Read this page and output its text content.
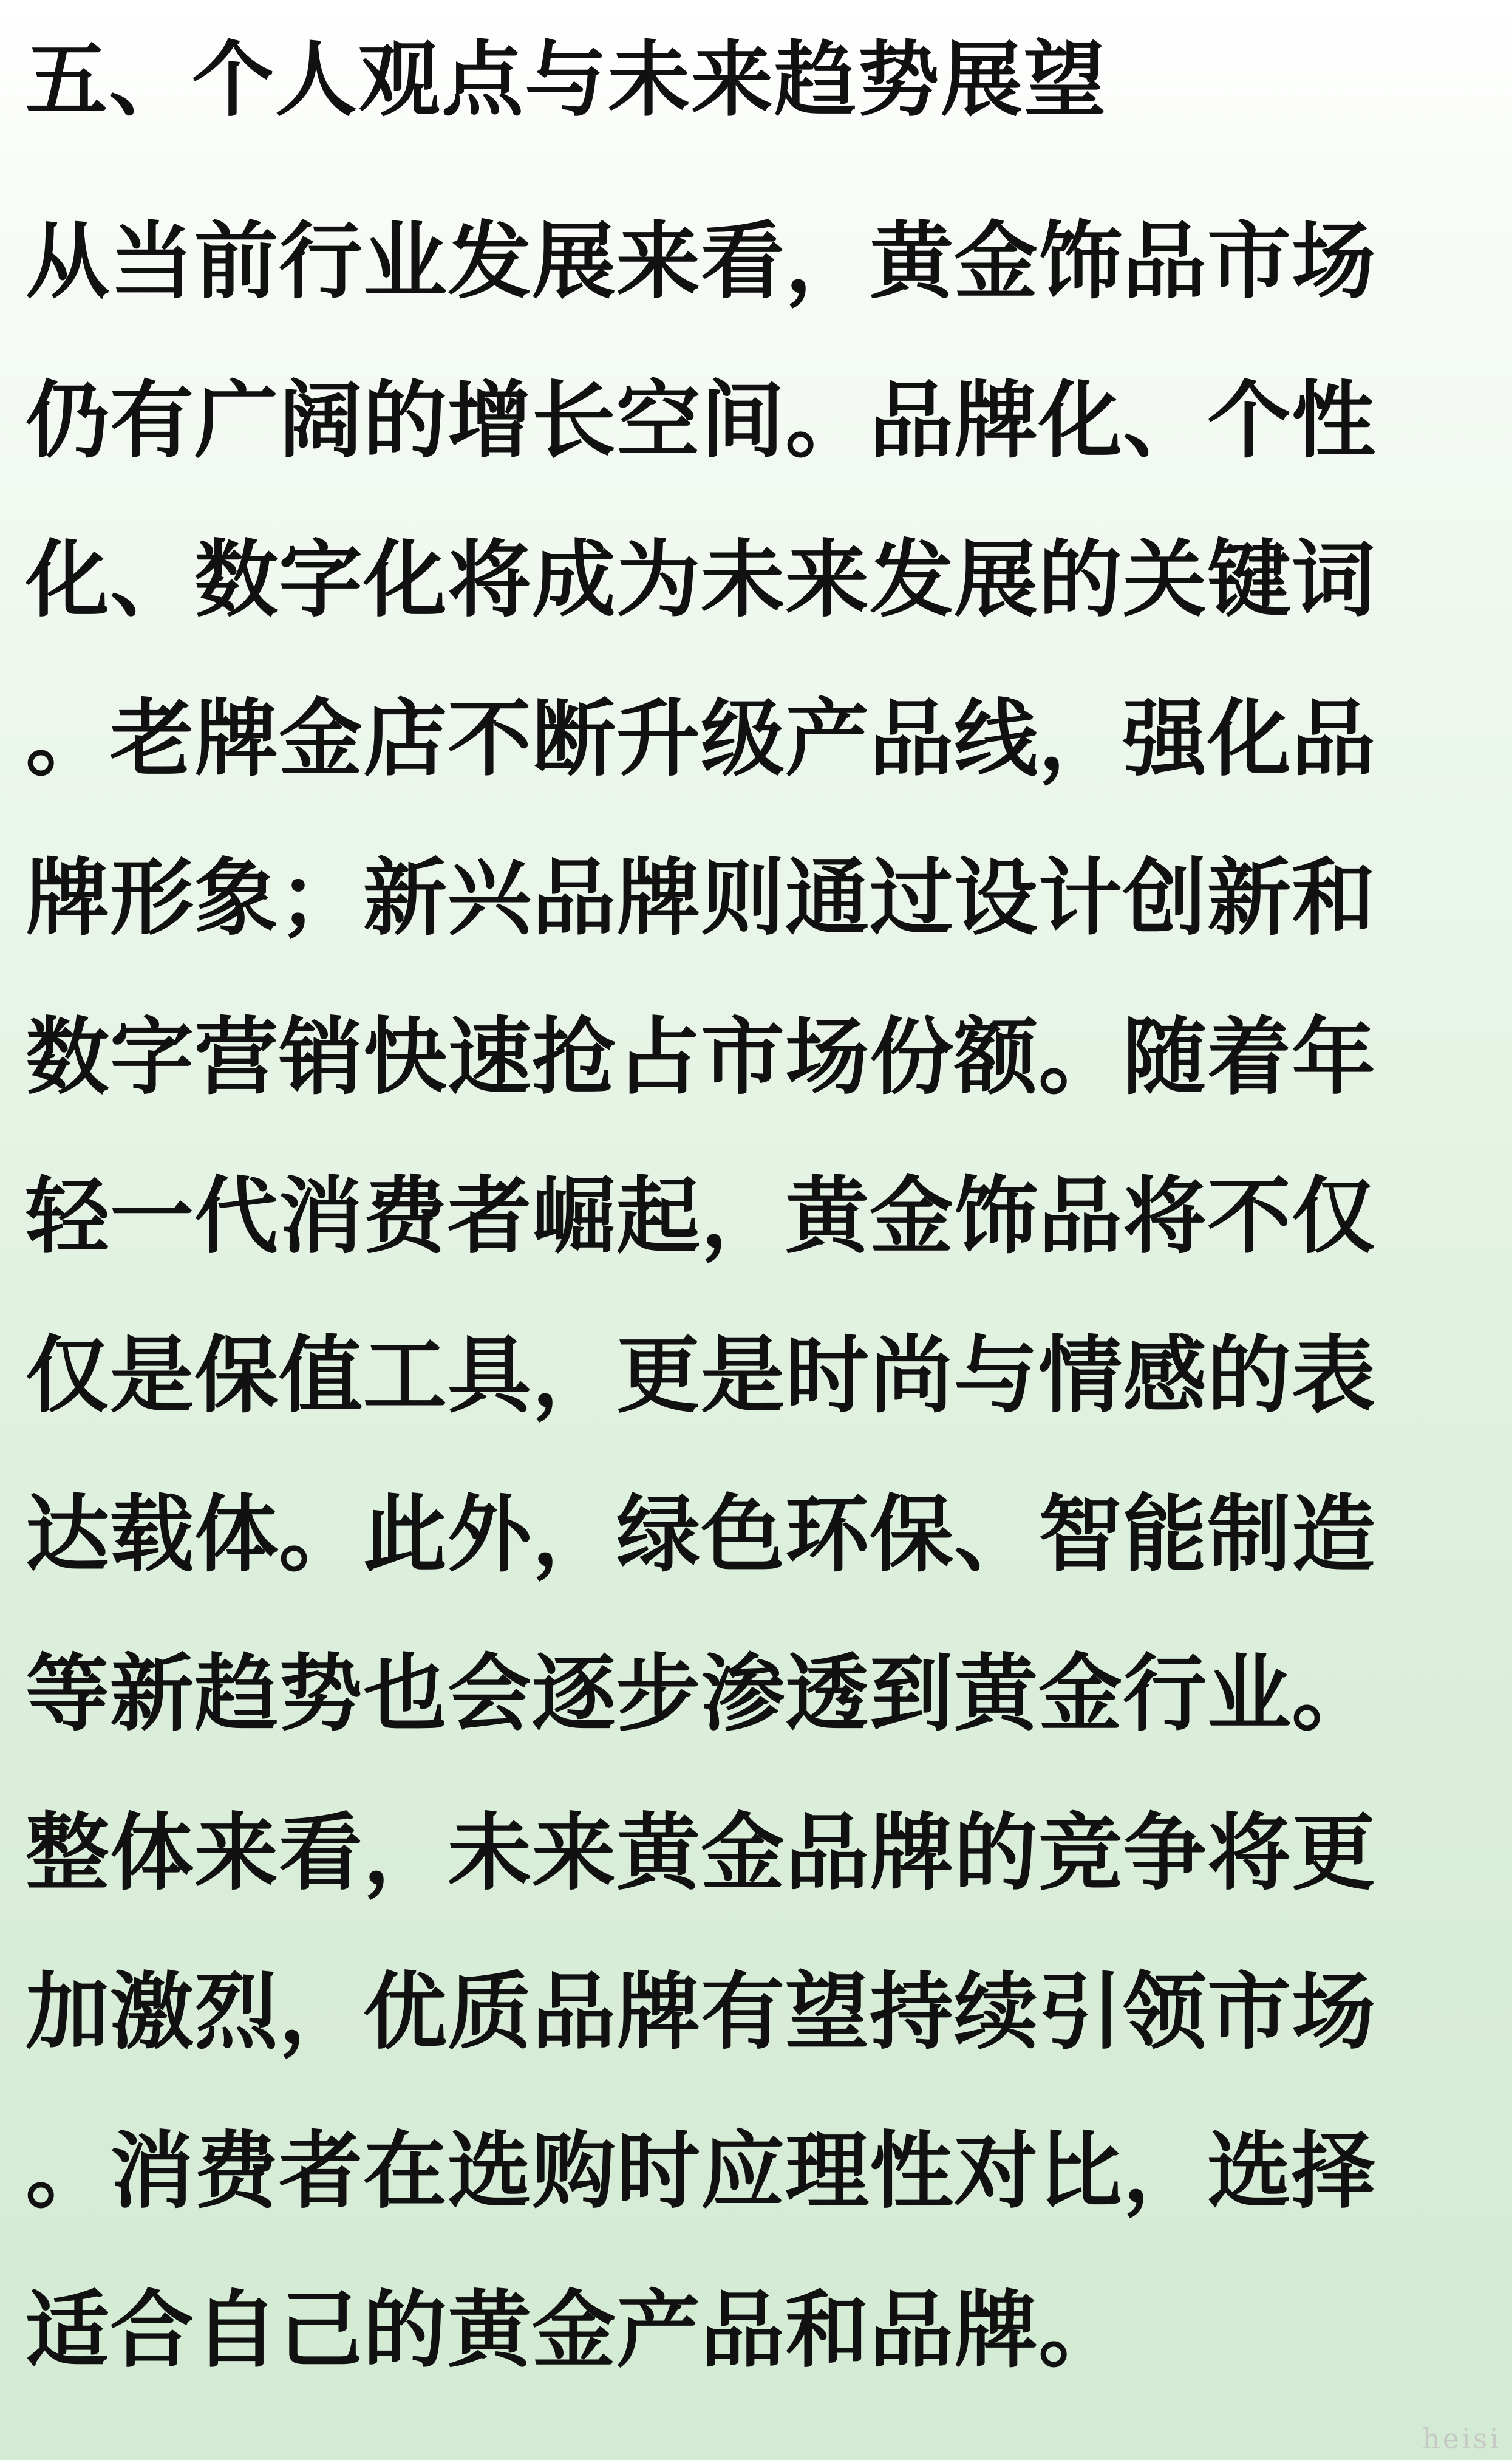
五、个人观点与未来趋势展望
从当前行业发展来看，黄金饰品市场
仍有广阔的增长空间。品牌化、个性
化、数字化将成为未来发展的关键词
。老牌金店不断升级产品线，强化品
牌形象；新兴品牌则通过设计创新和
数字营销快速抢占市场份额。随着年
轻一代消费者崛起，黄金饰品将不仅
仅是保值工具，更是时尚与情感的表
达载体。此外，绿色环保、智能制造
等新趋势也会逐步渗透到黄金行业。
整体来看，未来黄金品牌的竞争将更
加激烈，优质品牌有望持续引领市场
。消费者在选购时应理性对比，选择
适合自己的黄金产品和品牌。
heisi
